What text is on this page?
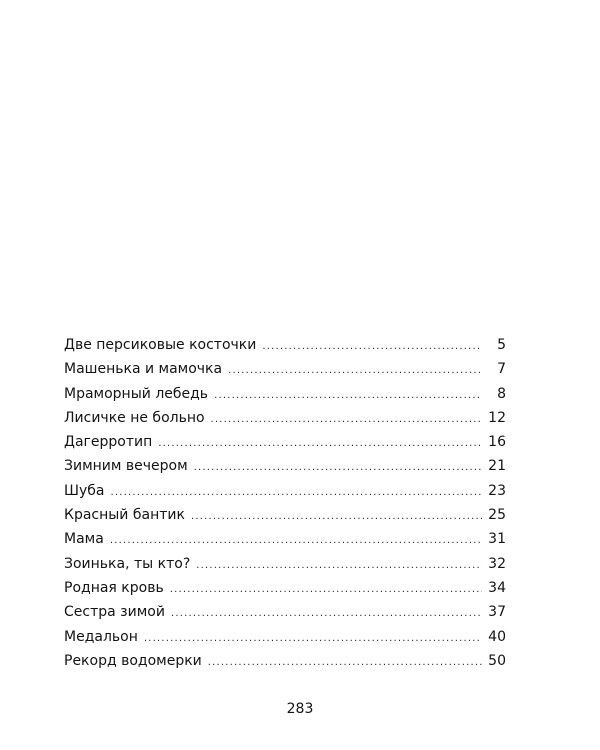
Две персиковые косточки .....	5
Машенька и мамочка .....	7
Мраморный лебедь .....	8
Лисичке не больно .....	12
Дагерротип .....	16
Зимним вечером .....	21
Шуба .....	23
Красный бантик .....	25
Мама .....	31
Зоинька, ты кто? .....	32
Родная кровь .....	34
Сестра зимой .....	37
Медальон .....	40
Рекорд водомерки .....	50
283
